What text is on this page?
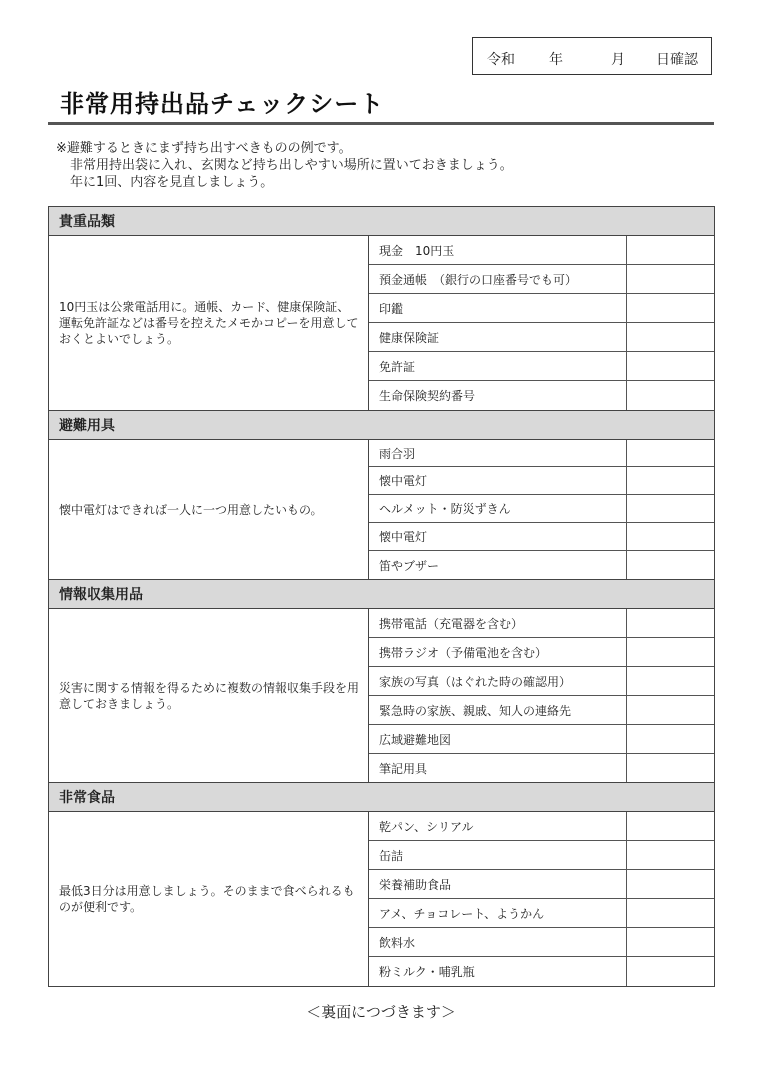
令和 年	月 日確認
非常用持出品チェックシート
※避難するときにまず持ち出すべきものの例です。
非常用持出袋に入れ、玄関など持ち出しやすい場所に置いておきましょう。
年に1回、内容を見直しましょう。
貴重品類
10円玉は公衆電話用に。通帳、カード、健康保険証、運転免許証などは番号を控えたメモかコピーを用意しておくとよいでしょう。
現金　10円玉
預金通帳　（銀行の口座番号でも可）
印鑑
健康保険証
免許証
生命保険契約番号
避難用具
懐中電灯はできれば一人に一つ用意したいもの。
雨合羽
懐中電灯
ヘルメット・防災ずきん
懐中電灯
笛やブザー
情報収集用品
災害に関する情報を得るために複数の情報収集手段を用意しておきましょう。
携帯電話（充電器を含む）
携帯ラジオ（予備電池を含む）
家族の写真（はぐれた時の確認用）
緊急時の家族、親戚、知人の連絡先
広域避難地図
筆記用具
非常食品
最低3日分は用意しましょう。そのままで食べられるものが便利です。
乾パン、シリアル
缶詰
栄養補助食品
アメ、チョコレート、ようかん
飲料水
粉ミルク・哺乳瓶
＜裏面につづきます＞
